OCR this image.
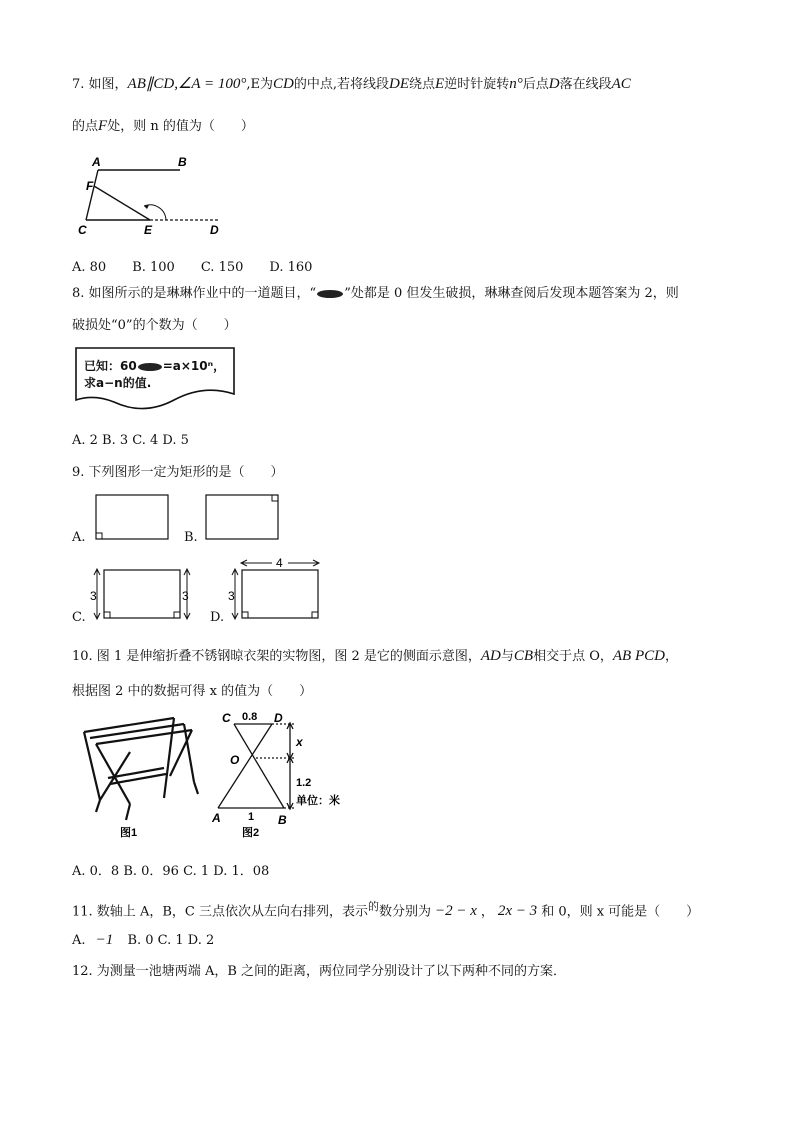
7. 如图，AB∥CD,∠A = 100°,E为CD的中点,若将线段DE绕点E逆时针旋转n°后点D落在线段AC
的点F处，则 n 的值为（　　）
A	B
F
C	E	D
A. 80　　B. 100　　C. 150　　D. 160
8. 如图所示的是琳琳作业中的一道题目，“ ”处都是 0 但发生破损，琳琳查阅后发现本题答案为 2，则
破损处“0”的个数为（　　）
已知：60 =a×10ⁿ，
求a−n的值.
A. 2 B. 3 C. 4 D. 5
9. 下列图形一定为矩形的是（　　）
A.	B.
C.
3	3
D.
4
3
10. 图 1 是伸缩折叠不锈钢晾衣架的实物图，图 2 是它的侧面示意图，AD与CB相交于点 O，AB PCD，
根据图 2 中的数据可得 x 的值为（　　）
图1
C 0.8 D
x
O
1.2
单位：米
A 1 B
图2
A. 0．8 B. 0．96 C. 1 D. 1．08
11. 数轴上 A，B，C 三点依次从左向右排列，表示$^的$数分别为 −2 − x ， 2x − 3 和 0，则 x 可能是（　　）
A. −1 B. 0 C. 1 D. 2
12. 为测量一池塘两端 A，B 之间的距离，两位同学分别设计了以下两种不同的方案．
